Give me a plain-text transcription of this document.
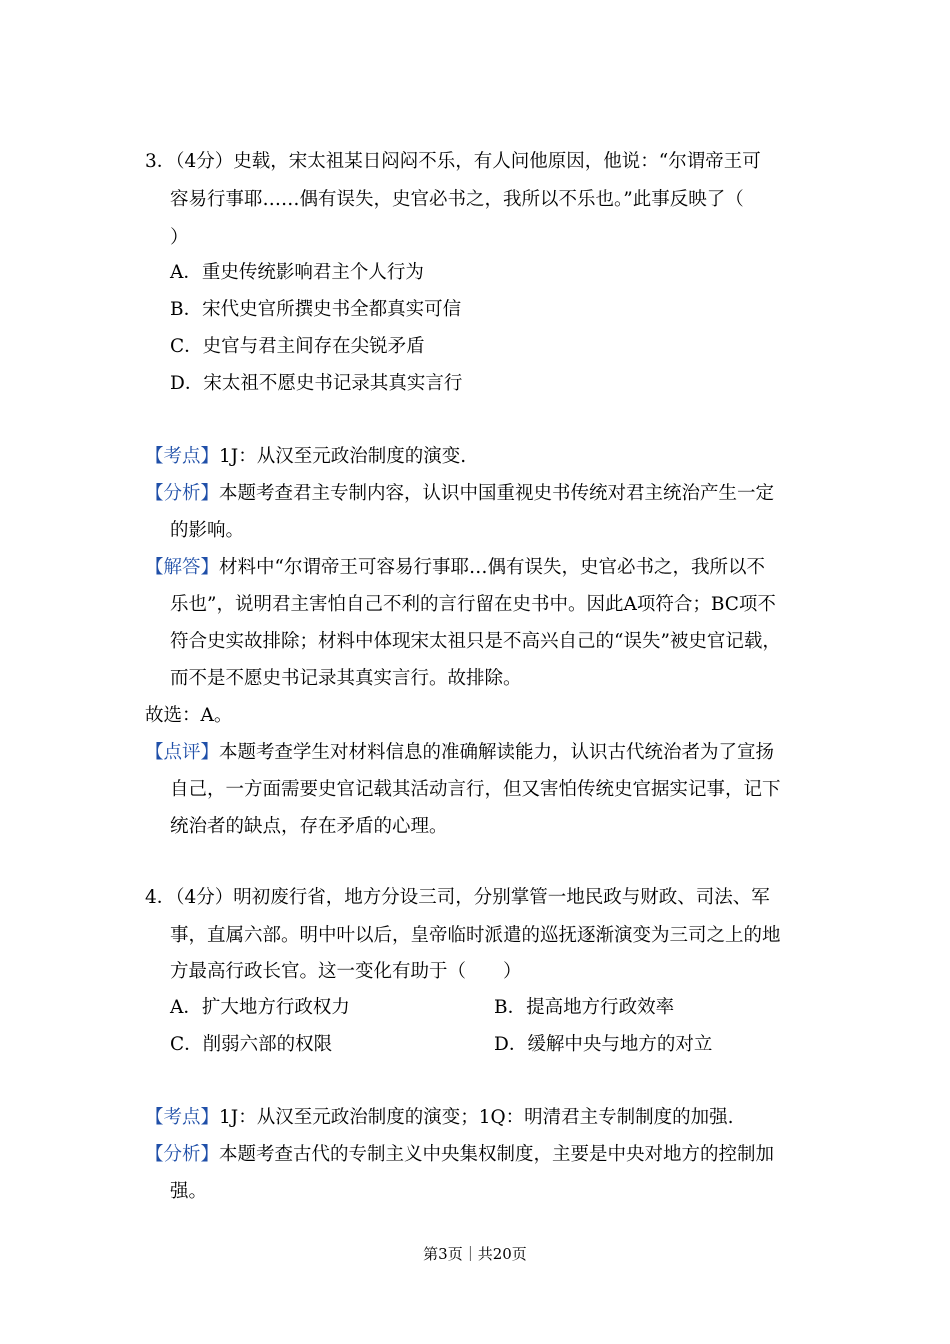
3．（4分）史载，宋太祖某日闷闷不乐，有人问他原因，他说：“尔谓帝王可
容易行事耶……偶有误失，史官必书之，我所以不乐也。”此事反映了（
）
A．重史传统影响君主个人行为
B．宋代史官所撰史书全都真实可信
C．史官与君主间存在尖锐矛盾
D．宋太祖不愿史书记录其真实言行
【考点】1J：从汉至元政治制度的演变.
【分析】本题考查君主专制内容，认识中国重视史书传统对君主统治产生一定
的影响。
【解答】材料中“尔谓帝王可容易行事耶…偶有误失，史官必书之，我所以不
乐也”，说明君主害怕自己不利的言行留在史书中。因此A项符合；BC项不
符合史实故排除；材料中体现宋太祖只是不高兴自己的“误失”被史官记载，
而不是不愿史书记录其真实言行。故排除。
故选：A。
【点评】本题考查学生对材料信息的准确解读能力，认识古代统治者为了宣扬
自己，一方面需要史官记载其活动言行，但又害怕传统史官据实记事，记下
统治者的缺点，存在矛盾的心理。
4．（4分）明初废行省，地方分设三司，分别掌管一地民政与财政、司法、军
事，直属六部。明中叶以后，皇帝临时派遣的巡抚逐渐演变为三司之上的地
方最高行政长官。这一变化有助于（　　）
A．扩大地方行政权力	B．提高地方行政效率
C．削弱六部的权限	D．缓解中央与地方的对立
【考点】1J：从汉至元政治制度的演变；1Q：明清君主专制制度的加强.
【分析】本题考查古代的专制主义中央集权制度，主要是中央对地方的控制加
强。
第3页｜共20页
